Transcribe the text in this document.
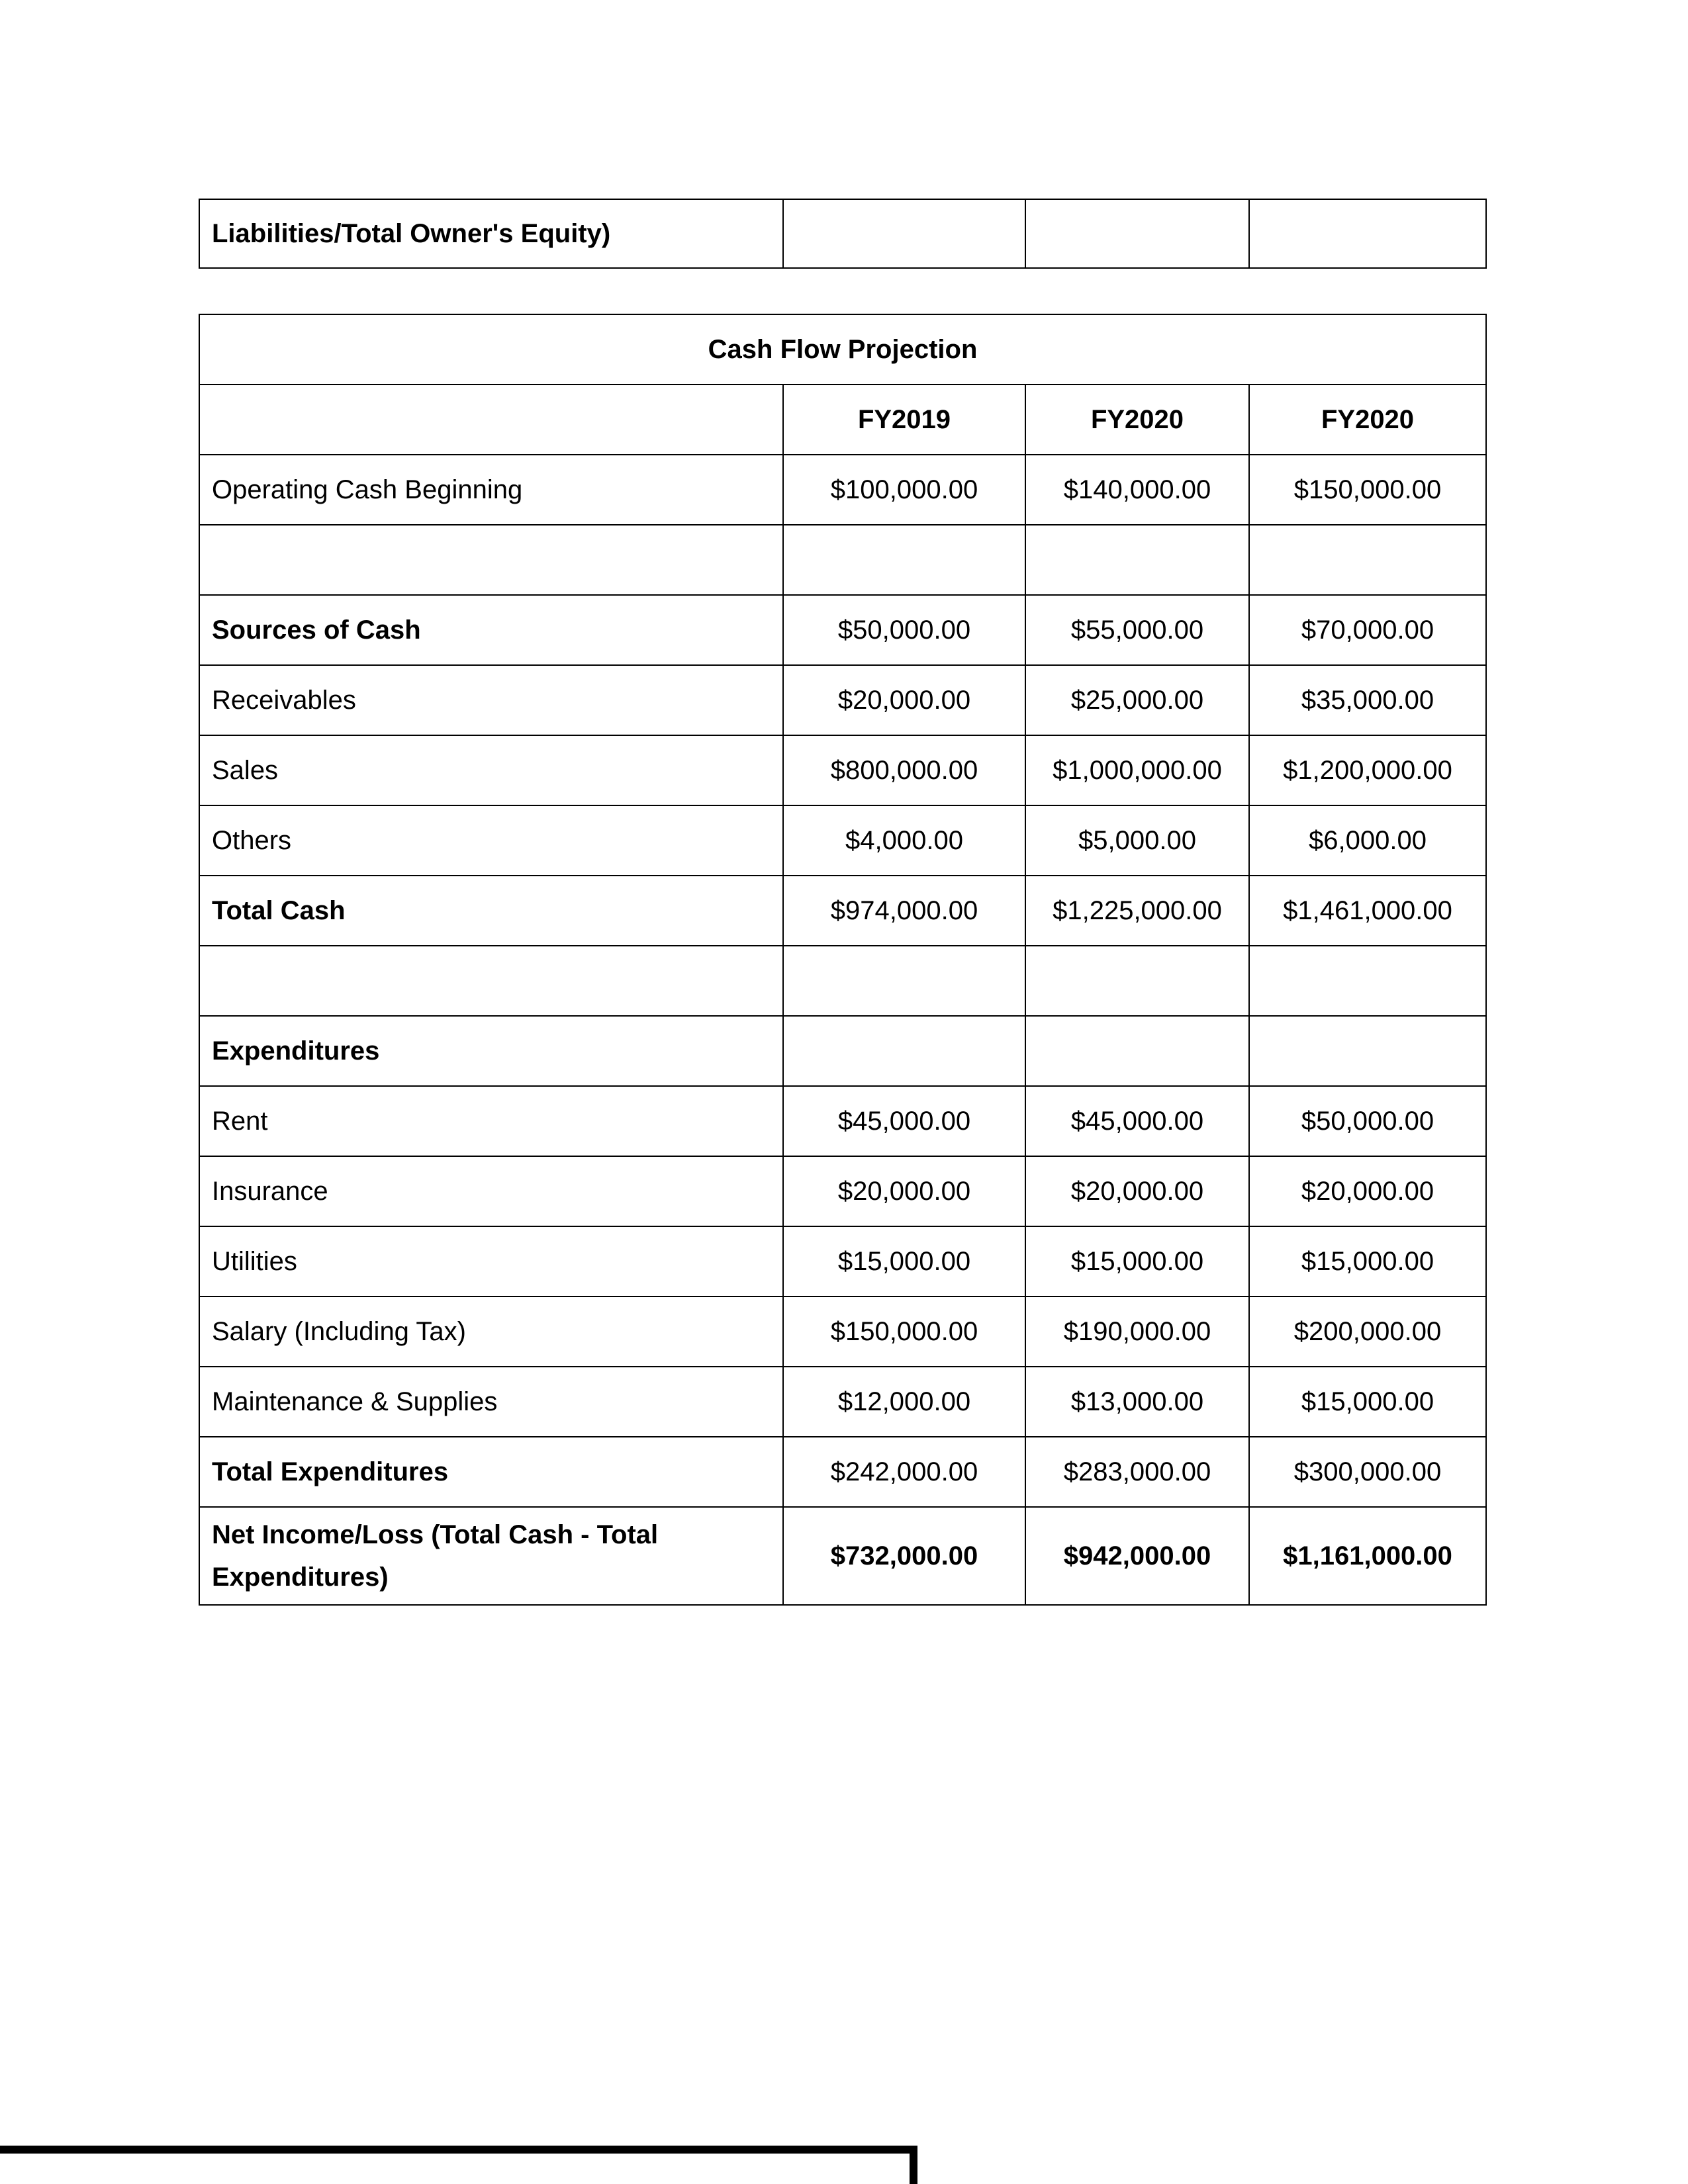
Liabilities/Total Owner's Equity)			
Cash Flow Projection			
	FY2019	FY2020	FY2020
Operating Cash Beginning	$100,000.00	$140,000.00	$150,000.00

Sources of Cash	$50,000.00	$55,000.00	$70,000.00
Receivables	$20,000.00	$25,000.00	$35,000.00
Sales	$800,000.00	$1,000,000.00	$1,200,000.00
Others	$4,000.00	$5,000.00	$6,000.00
Total Cash	$974,000.00	$1,225,000.00	$1,461,000.00

Expenditures			
Rent	$45,000.00	$45,000.00	$50,000.00
Insurance	$20,000.00	$20,000.00	$20,000.00
Utilities	$15,000.00	$15,000.00	$15,000.00
Salary (Including Tax)	$150,000.00	$190,000.00	$200,000.00
Maintenance & Supplies	$12,000.00	$13,000.00	$15,000.00
Total Expenditures	$242,000.00	$283,000.00	$300,000.00
Net Income/Loss (Total Cash - Total Expenditures)	$732,000.00	$942,000.00	$1,161,000.00
